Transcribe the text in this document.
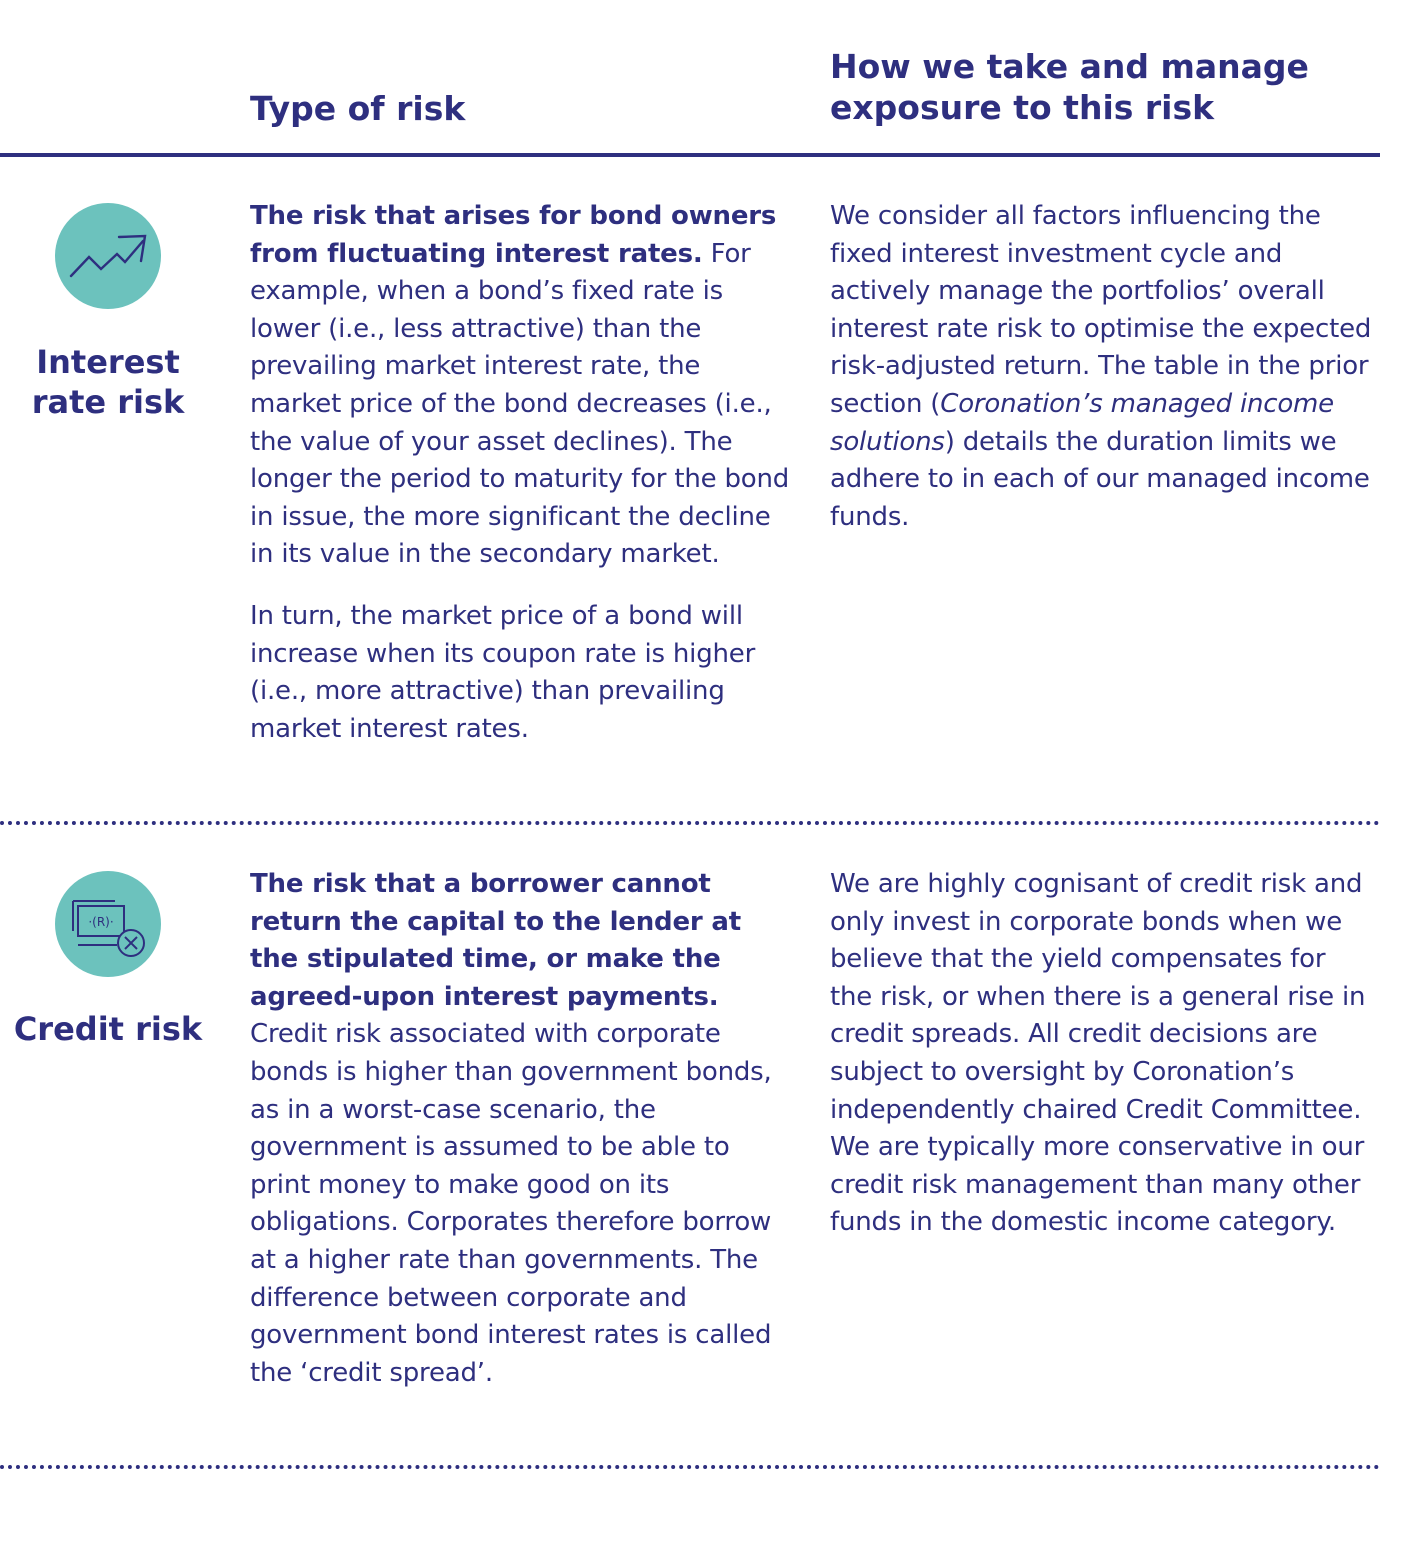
Type of risk
How we take and manage
exposure to this risk
Interest
rate risk

The risk that arises for bond owners from fluctuating interest rates. For example, when a bond’s fixed rate is lower (i.e., less attractive) than the prevailing market interest rate, the market price of the bond decreases (i.e., the value of your asset declines). The longer the period to maturity for the bond in issue, the more significant the decline in its value in the secondary market.

In turn, the market price of a bond will increase when its coupon rate is higher (i.e., more attractive) than prevailing market interest rates.

We consider all factors influencing the fixed interest investment cycle and actively manage the portfolios’ overall interest rate risk to optimise the expected risk-adjusted return. The table in the prior section (Coronation’s managed income solutions) details the duration limits we adhere to in each of our managed income funds.

·(R)·
Credit risk

The risk that a borrower cannot return the capital to the lender at the stipulated time, or make the agreed-upon interest payments. Credit risk associated with corporate bonds is higher than government bonds, as in a worst-case scenario, the government is assumed to be able to print money to make good on its obligations. Corporates therefore borrow at a higher rate than governments. The difference between corporate and government bond interest rates is called the ‘credit spread’.

We are highly cognisant of credit risk and only invest in corporate bonds when we believe that the yield compensates for the risk, or when there is a general rise in credit spreads. All credit decisions are subject to oversight by Coronation’s independently chaired Credit Committee. We are typically more conservative in our credit risk management than many other funds in the domestic income category.
